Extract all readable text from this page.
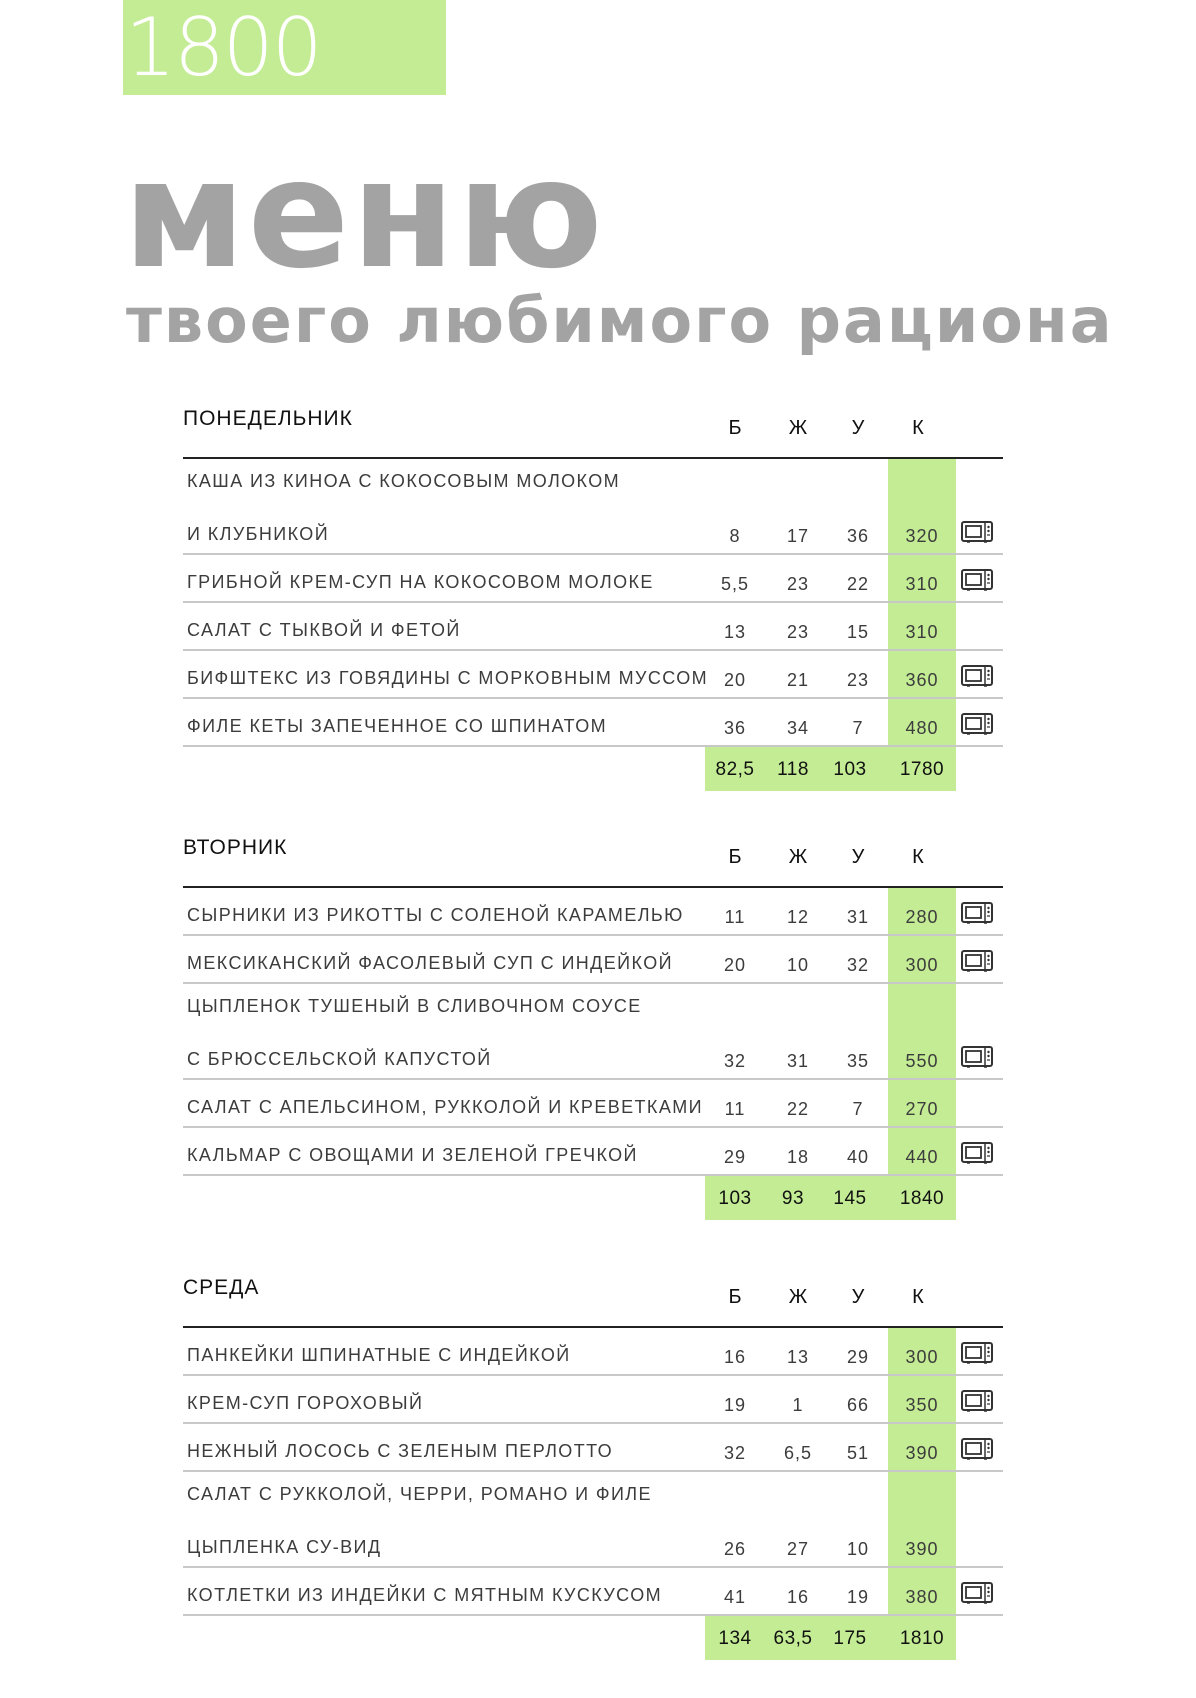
1800
меню
твоего любимого рациона
ПОНЕДЕЛЬНИК	Б	Ж	У	К
КАША ИЗ КИНОА С КОКОСОВЫМ МОЛОКОМ
И КЛУБНИКОЙ	8	17	36	320
ГРИБНОЙ КРЕМ-СУП НА КОКОСОВОМ МОЛОКЕ	5,5	23	22	310
САЛАТ С ТЫКВОЙ И ФЕТОЙ	13	23	15	310
БИФШТЕКС ИЗ ГОВЯДИНЫ С МОРКОВНЫМ МУССОМ 20	21	23	360
ФИЛЕ КЕТЫ ЗАПЕЧЕННОЕ СО ШПИНАТОМ	36	34	7	480
82,5	118	103	1780
ВТОРНИК	Б	Ж	У	К
СЫРНИКИ ИЗ РИКОТТЫ С СОЛЕНОЙ КАРАМЕЛЬЮ	11	12	31	280
МЕКСИКАНСКИЙ ФАСОЛЕВЫЙ СУП С ИНДЕЙКОЙ	20	10	32	300
ЦЫПЛЕНОК ТУШЕНЫЙ В СЛИВОЧНОМ СОУСЕ
С БРЮССЕЛЬСКОЙ КАПУСТОЙ	32	31	35	550
САЛАТ С АПЕЛЬСИНОМ, РУККОЛОЙ И КРЕВЕТКАМИ	11	22	7	270
КАЛЬМАР С ОВОЩАМИ И ЗЕЛЕНОЙ ГРЕЧКОЙ	29	18	40	440
103	93	145	1840
СРЕДА	Б	Ж	У	К
ПАНКЕЙКИ ШПИНАТНЫЕ С ИНДЕЙКОЙ	16	13	29	300
КРЕМ-СУП ГОРОХОВЫЙ	19	1	66	350
НЕЖНЫЙ ЛОСОСЬ С ЗЕЛЕНЫМ ПЕРЛОТТО	32	6,5	51	390
САЛАТ С РУККОЛОЙ, ЧЕРРИ, РОМАНО И ФИЛЕ
ЦЫПЛЕНКА СУ-ВИД	26	27	10	390
КОТЛЕТКИ ИЗ ИНДЕЙКИ С МЯТНЫМ КУСКУСОМ	41	16	19	380
134	63,5	175	1810
